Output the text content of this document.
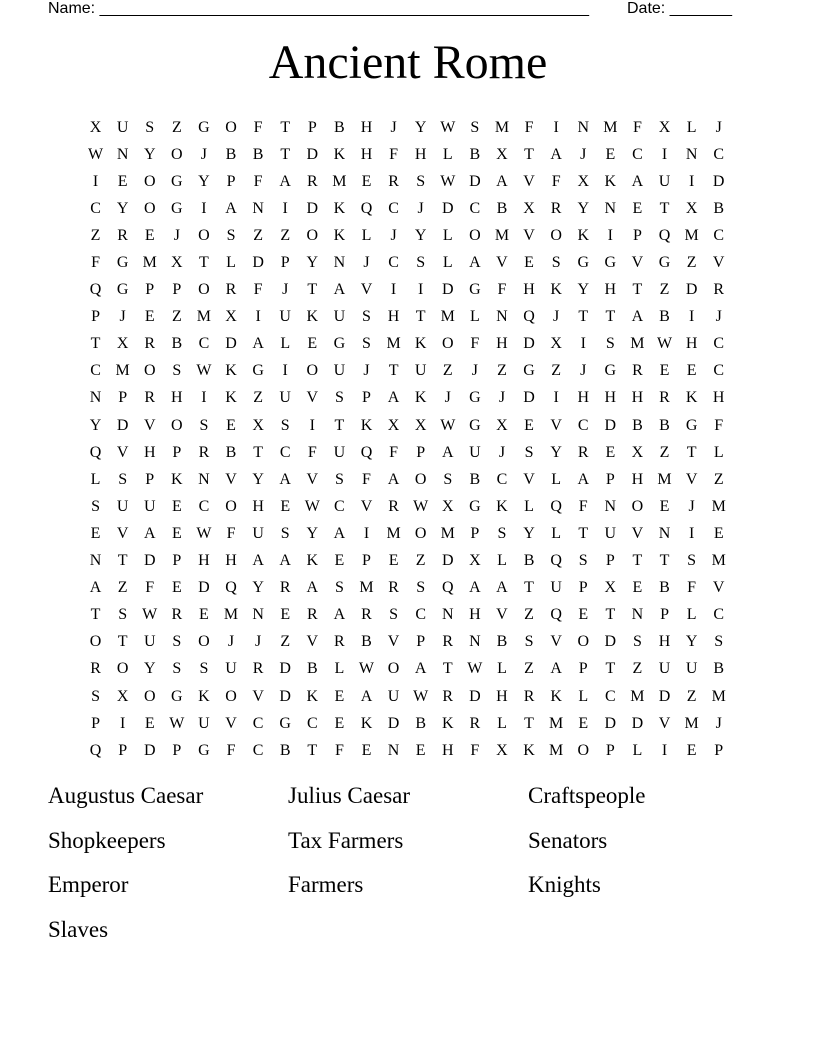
Name: _______________________________________________________ Date: _______
Ancient Rome
X U	S	Z	G O	F	T	P	B H	J	Y W S M F	I	N M F	X	L	J
W N Y O	J	B	B	T	D K H	F	H	L	B X	T	A	J	E	C	I	N C
I	E	O G Y	P	F	A R M E	R	S W D A V	F	X K A U	I	D
C Y O G	I	A N	I	D K Q C	J	D C	B X R Y N	E	T	X B
Z	R	E	J	O	S	Z	Z	O K	L	J	Y	L	O M V O K	I	P	Q M C
F	G M X	T	L	D	P	Y N	J	C	S	L	A V	E	S	G G V G	Z	V
Q G	P	P	O R	F	J	T	A V	I	I	D G	F	H K Y H	T	Z	D R
P	J	E	Z M X	I	U K U	S	H	T M L	N Q	J	T	T	A B	I	J
T	X R	B	C D A	L	E	G	S M K O	F	H D X	I	S M W H C
C M O	S W K G	I	O U	J	T	U	Z	J	Z	G	Z	J	G R	E	E	C
N	P	R H	I	K	Z	U V	S	P	A K	J	G	J	D	I	H H H R K H
Y D V O	S	E	X	S	I	T	K X X W G X	E	V C D B	B G	F
Q V H	P	R	B	T	C	F	U Q	F	P	A U	J	S	Y R	E	X	Z	T	L
L	S	P	K N V Y A V	S	F	A O	S	B	C V	L	A	P	H M V	Z
S	U U	E	C O H	E W C V R W X G K	L	Q	F	N O	E	J	M
E	V A	E W F	U	S	Y A	I	M O M P	S	Y	L	T	U V N	I	E
N	T	D	P	H H A A K	E	P	E	Z	D X	L	B Q	S	P	T	T	S M
A	Z	F	E	D Q Y R A	S M R	S	Q A A	T	U	P	X	E	B	F	V
T	S W R	E M N	E	R A R	S	C N H V	Z	Q	E	T	N	P	L	C
O	T	U	S	O	J	J	Z	V R	B V	P	R N B	S	V O D	S	H Y	S
R O Y	S	S	U R D B	L W O A	T W L	Z	A	P	T	Z	U U B
S	X O G K O V D K	E	A U W R D H R K	L	C M D	Z M
P	I	E W U V C G C	E	K D B K R	L	T M E	D D V M	J
Q	P	D	P	G	F	C	B	T	F	E	N	E	H	F	X K M O	P	L	I	E	P
Augustus Caesar	Julius Caesar	Craftspeople
Shopkeepers	Tax Farmers	Senators
Emperor	Farmers	Knights
Slaves
